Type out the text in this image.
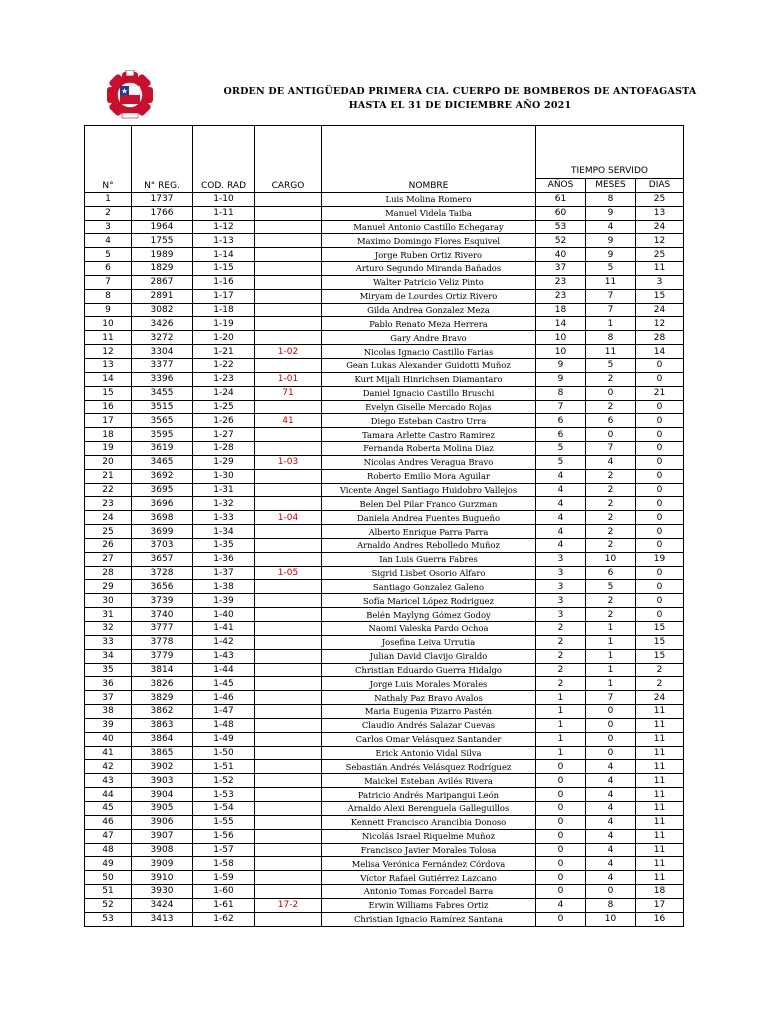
ORDEN DE ANTIGÜEDAD PRIMERA CIA. CUERPO DE BOMBEROS DE ANTOFAGASTA
HASTA EL 31 DE DICIEMBRE AÑO 2021
N°	N° REG.	COD. RAD	CARGO	NOMBRE			
					TIEMPO SERVIDO		
					AÑOS	MESES	DIAS
1	1737	1-10		Luis Molina Romero	61	8	25
2	1766	1-11		Manuel Videla Taiba	60	9	13
3	1964	1-12		Manuel Antonio Castillo Echegaray	53	4	24
4	1755	1-13		Maximo Domingo Flores Esquivel	52	9	12
5	1989	1-14		Jorge Ruben Ortiz Rivero	40	9	25
6	1829	1-15		Arturo Segundo Miranda Bañados	37	5	11
7	2867	1-16		Walter Patricio Veliz Pinto	23	11	3
8	2891	1-17		Miryam de Lourdes Ortiz Rivero	23	7	15
9	3082	1-18		Gilda Andrea Gonzalez Meza	18	7	24
10	3426	1-19		Pablo Renato Meza Herrera	14	1	12
11	3272	1-20		Gary Andre Bravo	10	8	28
12	3304	1-21	1-02	Nicolas Ignacio Castillo Farias	10	11	14
13	3377	1-22		Gean Lukas Alexander Guidotti Muñoz	9	5	0
14	3396	1-23	1-01	Kurt Mijali Hinrichsen Diamantaro	9	2	0
15	3455	1-24	71	Daniel Ignacio Castillo Bruschi	8	0	21
16	3515	1-25		Evelyn Giselle Mercado Rojas	7	2	0
17	3565	1-26	41	Diego Esteban Castro Urra	6	6	0
18	3595	1-27		Tamara Arlette Castro Ramirez	6	0	0
19	3619	1-28		Fernanda Roberta Molina Diaz	5	7	0
20	3465	1-29	1-03	Nicolas Andres Veragua Bravo	5	4	0
21	3692	1-30		Roberto Emilio Mora Aguilar	4	2	0
22	3695	1-31		Vicente Angel Santiago Huidobro Vallejos	4	2	0
23	3696	1-32		Belen Del Pilar Franco Gurzman	4	2	0
24	3698	1-33	1-04	Daniela Andrea Fuentes Bugueño	4	2	0
25	3699	1-34		Alberto Enrique Parra Parra	4	2	0
26	3703	1-35		Arnaldo Andres Rebolledo Muñoz	4	2	0
27	3657	1-36		Ian Luis Guerra Fabres	3	10	19
28	3728	1-37	1-05	Sigrid Lisbet Osorio Alfaro	3	6	0
29	3656	1-38		Santiago Gonzalez Galeno	3	5	0
30	3739	1-39		Sofía Maricel López Rodriguez	3	2	0
31	3740	1-40		Belén Maylyng Gómez Godoy	3	2	0
32	3777	1-41		Naomi Valeska Pardo Ochoa	2	1	15
33	3778	1-42		Josefina Leiva Urrutia	2	1	15
34	3779	1-43		Julian David Clavijo Giraldo	2	1	15
35	3814	1-44		Christian Eduardo Guerra Hidalgo	2	1	2
36	3826	1-45		Jorge Luis Morales Morales	2	1	2
37	3829	1-46		Nathaly Paz Bravo Avalos	1	7	24
38	3862	1-47		Maria Eugenia Pizarro Pastén	1	0	11
39	3863	1-48		Claudio Andrés Salazar Cuevas	1	0	11
40	3864	1-49		Carlos Omar Velásquez Santander	1	0	11
41	3865	1-50		Erick Antonio Vidal Silva	1	0	11
42	3902	1-51		Sebastián Andrés Velásquez Rodríguez	0	4	11
43	3903	1-52		Maickel Esteban Avilés Rivera	0	4	11
44	3904	1-53		Patricio Andrés Maripangui León	0	4	11
45	3905	1-54		Arnaldo Alexi Berenguela Galleguillos	0	4	11
46	3906	1-55		Kennett Francisco Arancibia Donoso	0	4	11
47	3907	1-56		Nicolás Israel Riquelme Muñoz	0	4	11
48	3908	1-57		Francisco Javier Morales Tolosa	0	4	11
49	3909	1-58		Melisa Verónica Fernández Córdova	0	4	11
50	3910	1-59		Víctor Rafael Gutiérrez Lazcano	0	4	11
51	3930	1-60		Antonio Tomas Forcadel Barra	0	0	18
52	3424	1-61	17-2	Erwin Williams Fabres Ortiz	4	8	17
53	3413	1-62		Christian Ignacio Ramírez Santana	0	10	16
